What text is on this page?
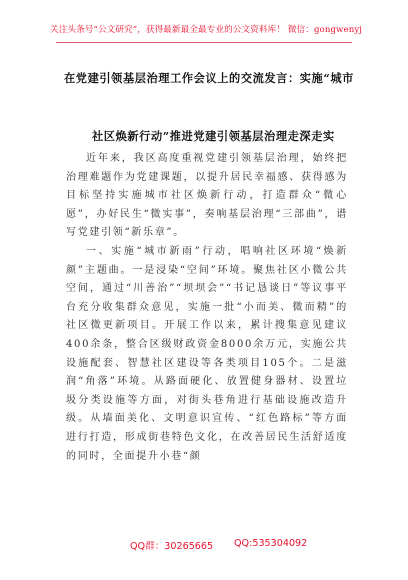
关注头条号“公文研究”，获得最新最全最专业的公文资料库！ 微信：gongwenyj
在党建引领基层治理工作会议上的交流发言：实施“城市
社区焕新行动”推进党建引领基层治理走深走实

近年来，我区高度重视党建引领基层治理，始终把治理难题作为党建课题，以提升居民幸福感、获得感为目标坚持实施城市社区焕新行动，打造群众“微心愿”，办好民生“微实事”，奏响基层治理“三部曲”，谱写党建引领“新乐章”。

一、实施“城市新雨”行动，唱响社区环境“焕新颜”主题曲。一是浸染“空间”环境。聚焦社区小微公共空间，通过“川善治”“坝坝会”“书记恳谈日”等议事平台充分收集群众意见，实施一批“小而美、微而精”的社区微更新项目。开展工作以来，累计搜集意见建议400余条，整合区级财政资金8000余万元，实施公共设施配套、智慧社区建设等各类项目105个。二是滋润“角落”环境。从路面硬化、放置健身器材、设置垃圾分类设施等方面，对街头巷角进行基础设施改造升级。从墙面美化、文明意识宣传、“红色路标”等方面进行打造，形成街巷特色文化，在改善居民生活舒适度的同时，全面提升小巷“颜

QQ群：30265665 QQ:535304092
